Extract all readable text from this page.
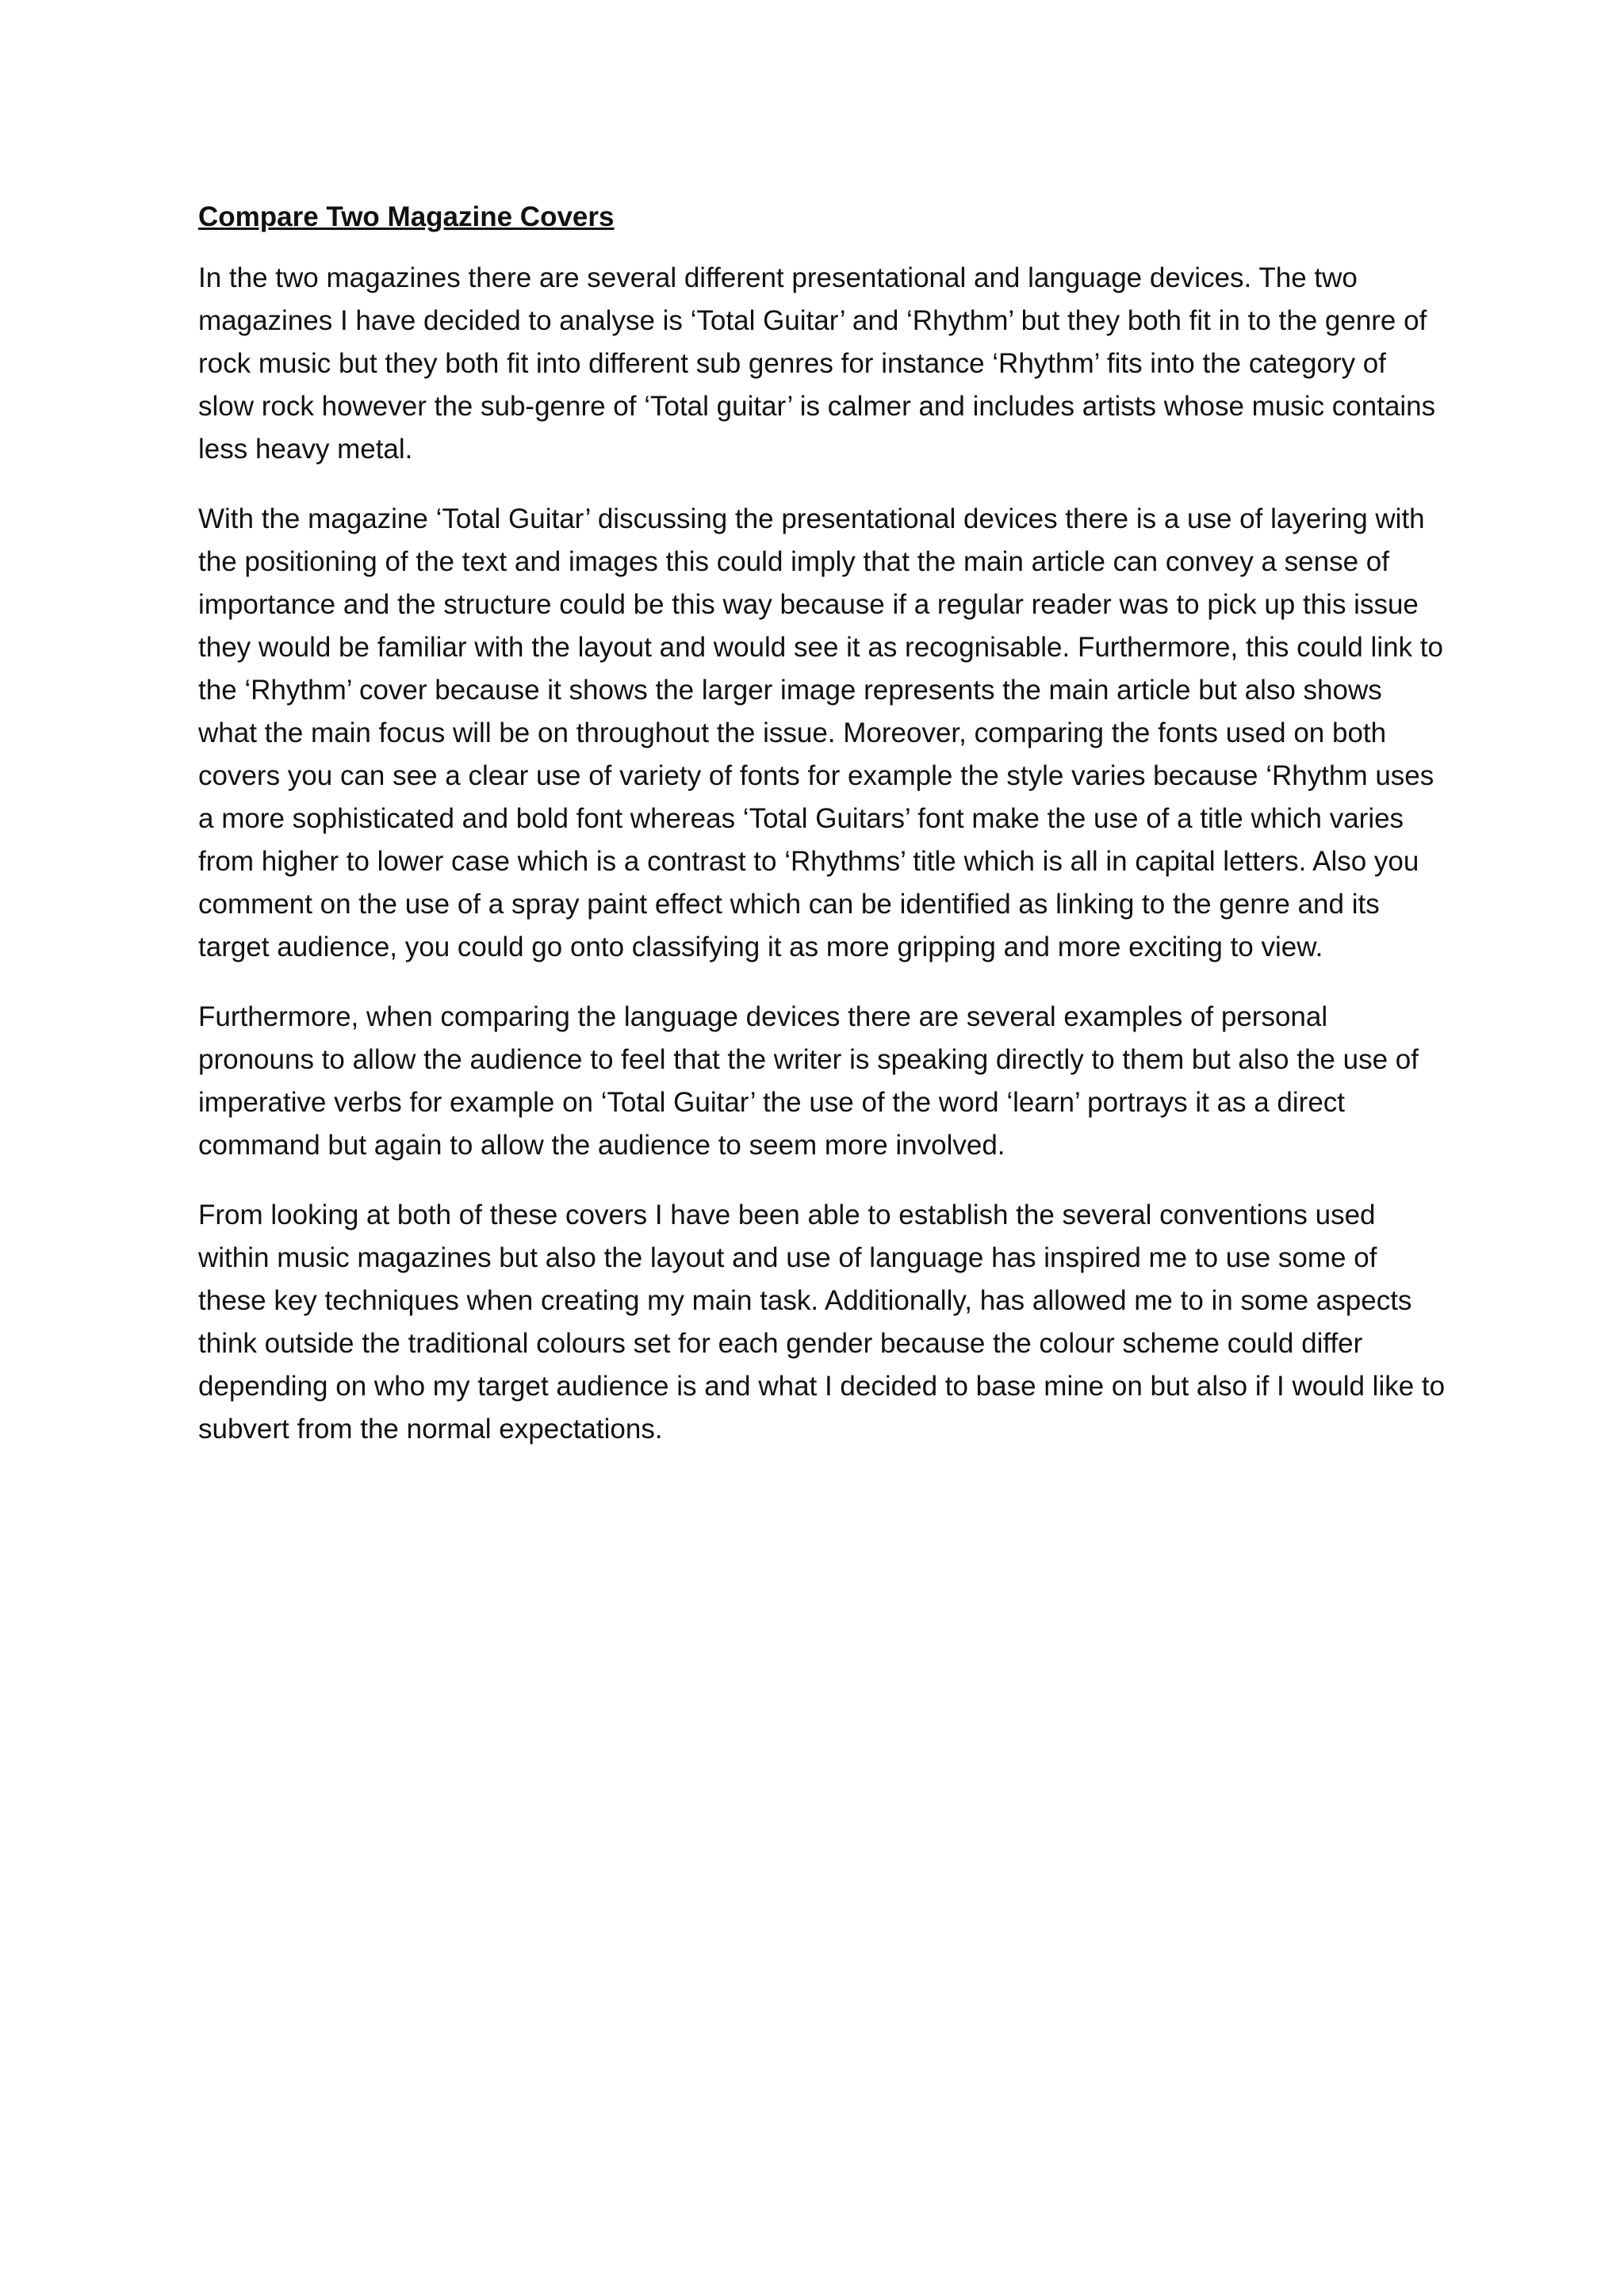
Compare Two Magazine Covers

In the two magazines there are several different presentational and language devices. The two magazines I have decided to analyse is ‘Total Guitar’ and ‘Rhythm’ but they both fit in to the genre of rock music but they both fit into different sub genres for instance ‘Rhythm’ fits into the category of slow rock however the sub-genre of ‘Total guitar’ is calmer and includes artists whose music contains less heavy metal.

With the magazine ‘Total Guitar’ discussing the presentational devices there is a use of layering with the positioning of the text and images this could imply that the main article can convey a sense of importance and the structure could be this way because if a regular reader was to pick up this issue they would be familiar with the layout and would see it as recognisable. Furthermore, this could link to the ‘Rhythm’ cover because it shows the larger image represents the main article but also shows what the main focus will be on throughout the issue. Moreover, comparing the fonts used on both covers you can see a clear use of variety of fonts for example the style varies because ‘Rhythm uses a more sophisticated and bold font whereas ‘Total Guitars’ font make the use of a title which varies from higher to lower case which is a contrast to ‘Rhythms’ title which is all in capital letters. Also you comment on the use of a spray paint effect which can be identified as linking to the genre and its target audience, you could go onto classifying it as more gripping and more exciting to view.

Furthermore, when comparing the language devices there are several examples of personal pronouns to allow the audience to feel that the writer is speaking directly to them but also the use of imperative verbs for example on ‘Total Guitar’ the use of the word ‘learn’ portrays it as a direct command but again to allow the audience to seem more involved.

From looking at both of these covers I have been able to establish the several conventions used within music magazines but also the layout and use of language has inspired me to use some of these key techniques when creating my main task. Additionally, has allowed me to in some aspects think outside the traditional colours set for each gender because the colour scheme could differ depending on who my target audience is and what I decided to base mine on but also if I would like to subvert from the normal expectations.
